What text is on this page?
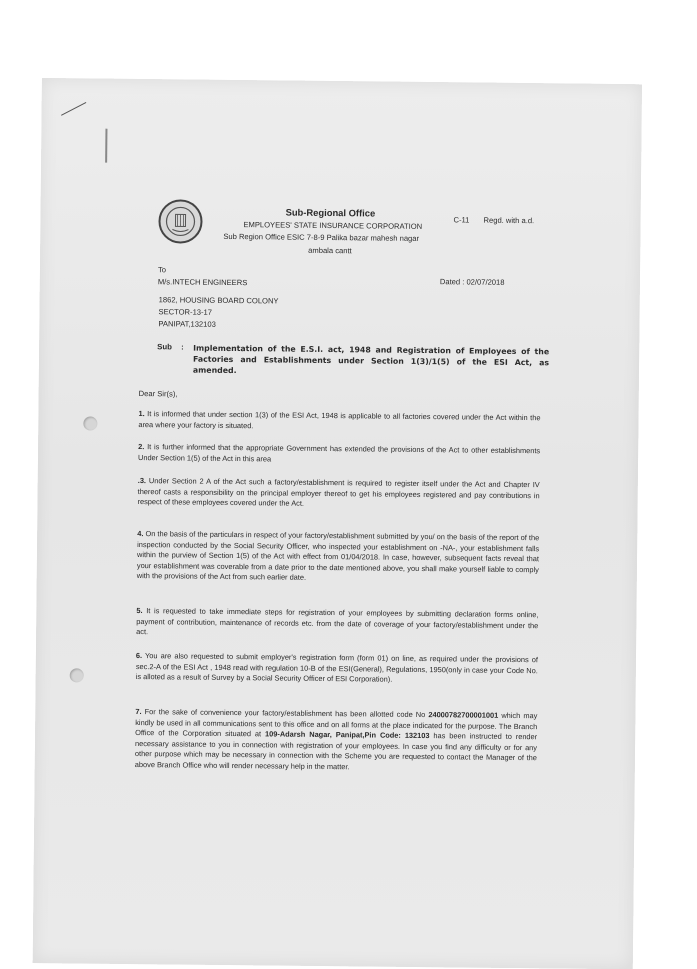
Sub-Regional Office
EMPLOYEES' STATE INSURANCE CORPORATION
Sub Region Office ESIC 7-8-9 Palika bazar mahesh nagar
ambala cantt
C-11 Regd. with a.d.
To
M/s.INTECH ENGINEERS	Dated : 02/07/2018
1862, HOUSING BOARD COLONY
SECTOR-13-17
PANIPAT,132103
Sub : Implementation of the E.S.I. act, 1948 and Registration of Employees of the Factories and Establishments under Section 1(3)/1(5) of the ESI Act, as amended.
Dear Sir(s),
1. It is informed that under section 1(3) of the ESI Act, 1948 is applicable to all factories covered under the Act within the area where your factory is situated.
2. It is further informed that the appropriate Government has extended the provisions of the Act to other establishments Under Section 1(5) of the Act in this area
.3. Under Section 2 A of the Act such a factory/establishment is required to register itself under the Act and Chapter IV thereof casts a responsibility on the principal employer thereof to get his employees registered and pay contributions in respect of these employees covered under the Act.
4. On the basis of the particulars in respect of your factory/establishment submitted by you/ on the basis of the report of the inspection conducted by the Social Security Officer, who inspected your establishment on -NA-, your establishment falls within the purview of Section 1(5) of the Act with effect from 01/04/2018. In case, however, subsequent facts reveal that your establishment was coverable from a date prior to the date mentioned above, you shall make yourself liable to comply with the provisions of the Act from such earlier date.
5. It is requested to take immediate steps for registration of your employees by submitting declaration forms online, payment of contribution, maintenance of records etc. from the date of coverage of your factory/establishment under the act.
6. You are also requested to submit employer's registration form (form 01) on line, as required under the provisions of sec.2-A of the ESI Act , 1948 read with regulation 10-B of the ESI(General), Regulations, 1950(only in case your Code No. is alloted as a result of Survey by a Social Security Officer of ESI Corporation).
7. For the sake of convenience your factory/establishment has been allotted code No 24000782700001001 which may kindly be used in all communications sent to this office and on all forms at the place indicated for the purpose. The Branch Office of the Corporation situated at 109-Adarsh Nagar, Panipat,Pin Code: 132103 has been instructed to render necessary assistance to you in connection with registration of your employees. In case you find any difficulty or for any other purpose which may be necessary in connection with the Scheme you are requested to contact the Manager of the above Branch Office who will render necessary help in the matter.
